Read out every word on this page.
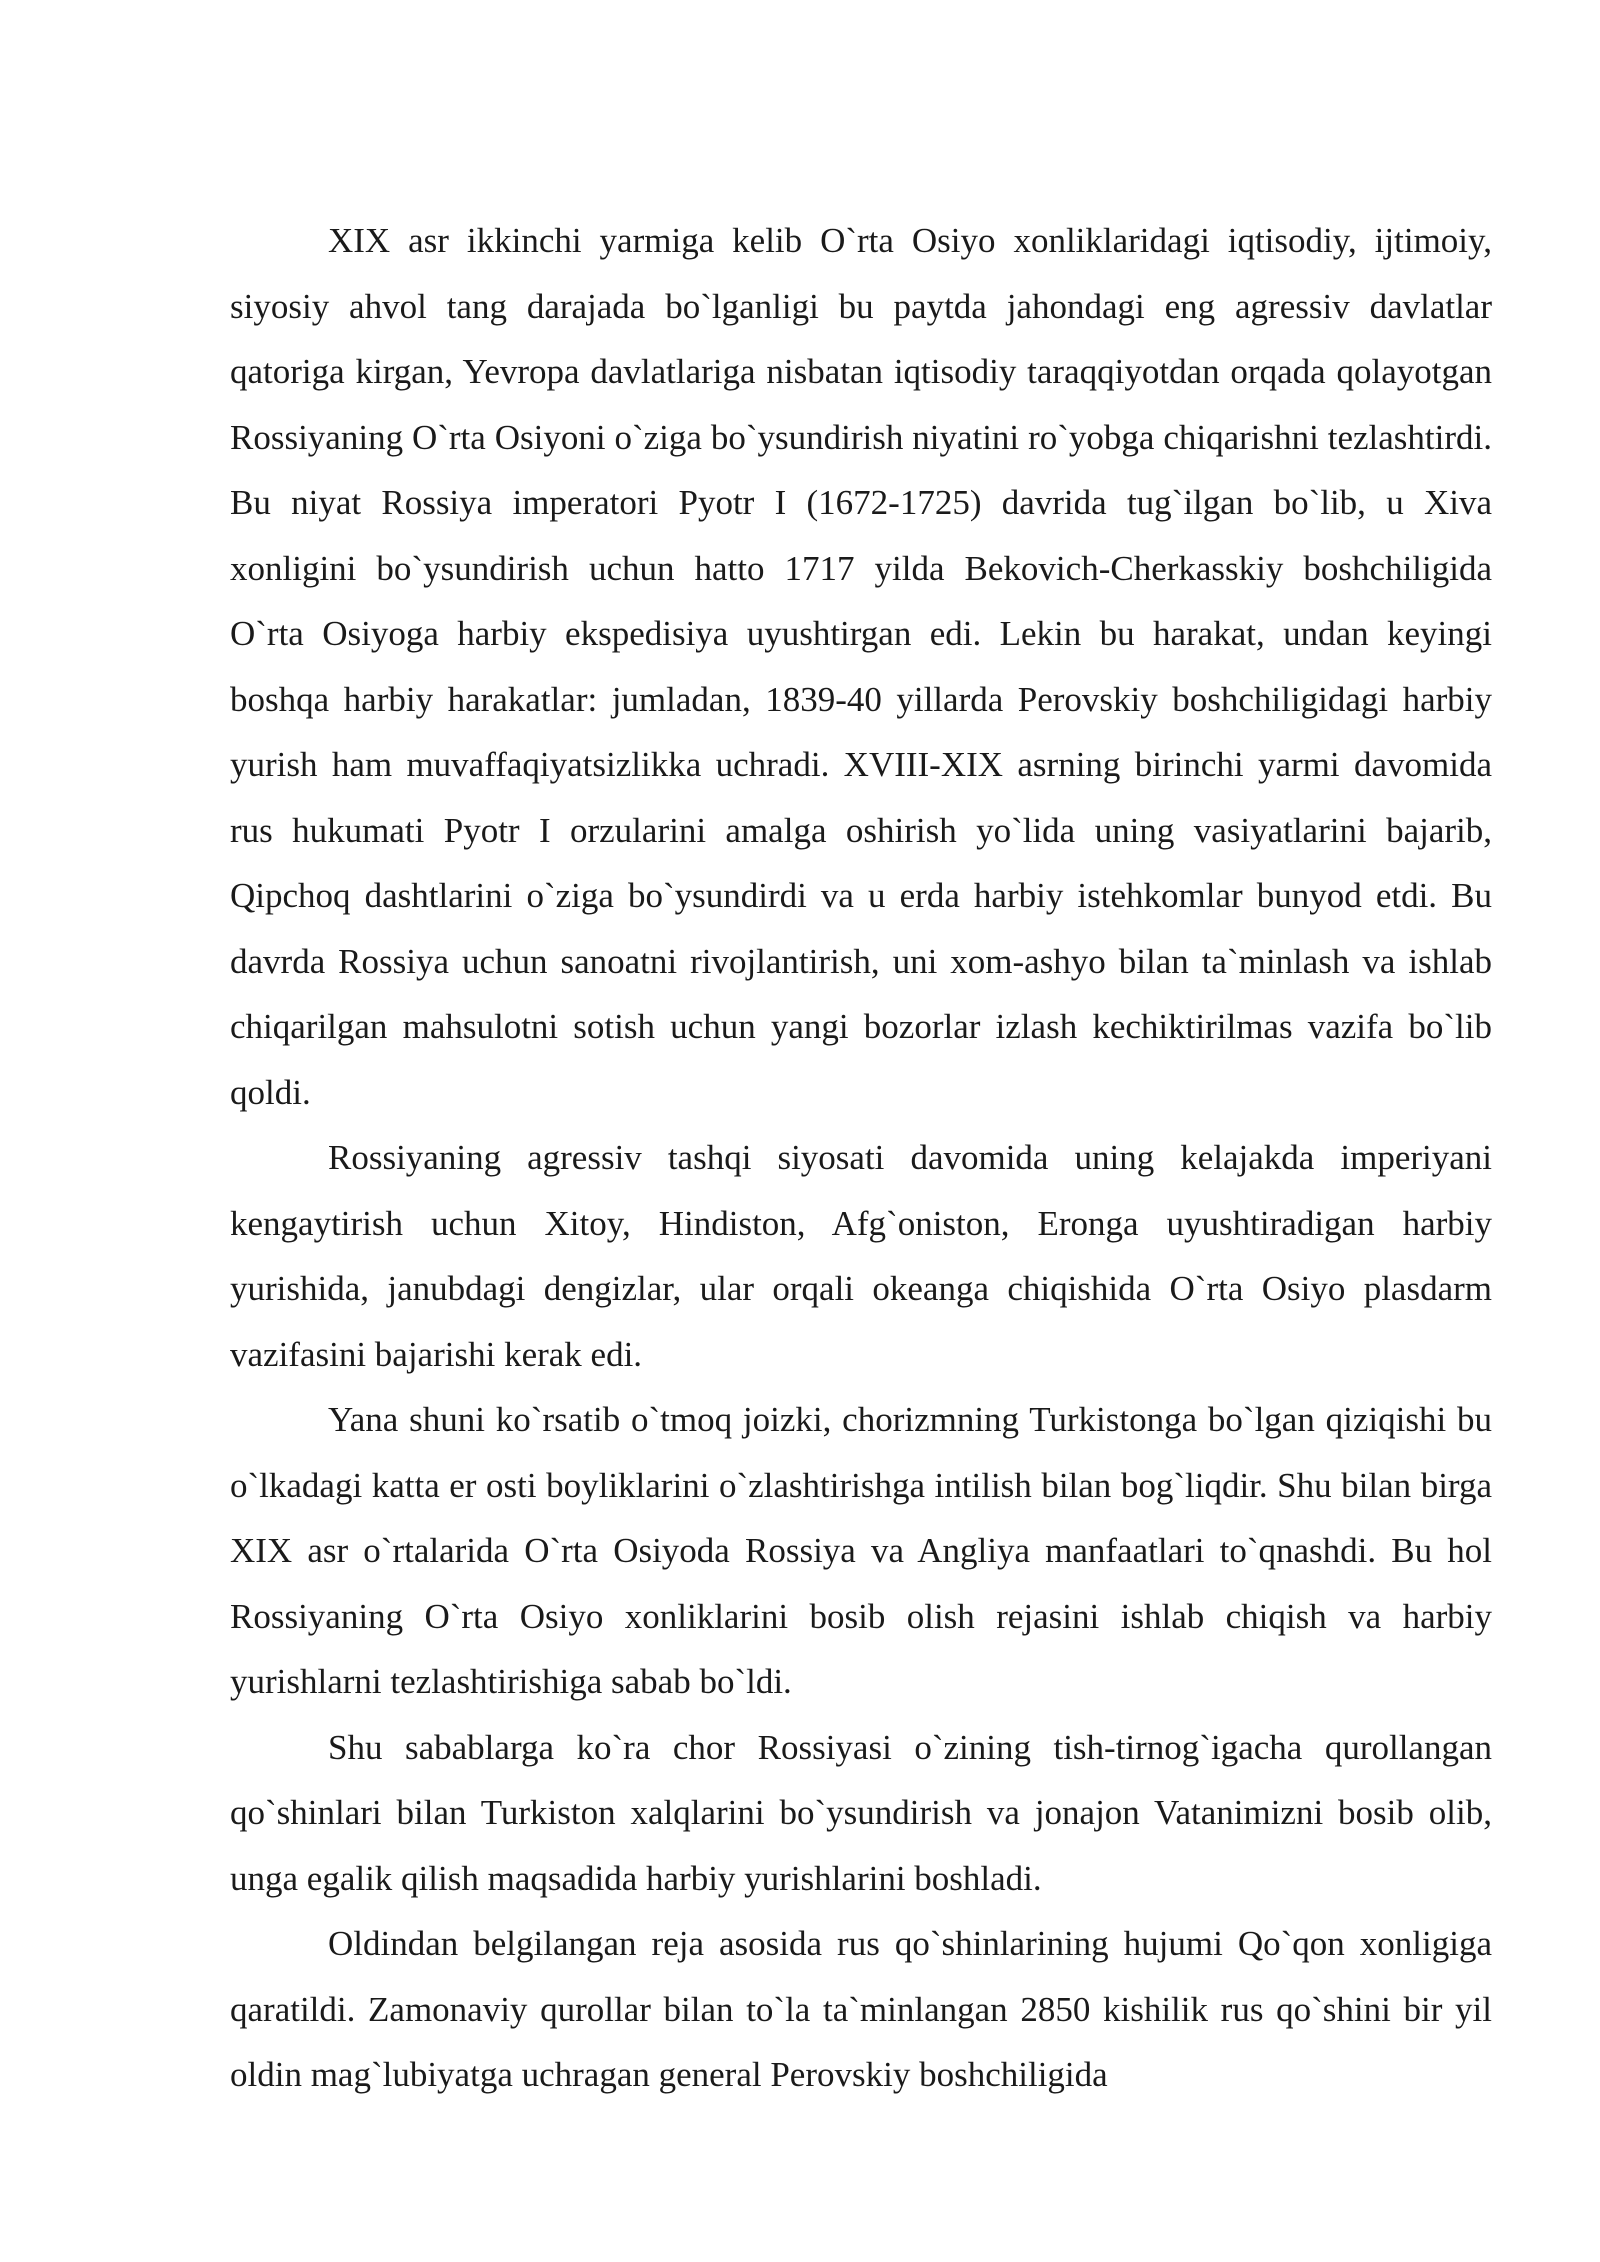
XIX asr ikkinchi yarmiga kelib O`rta Osiyo xonliklaridagi iqtisodiy, ijtimoiy, siyosiy ahvol tang darajada bo`lganligi bu paytda jahondagi eng agressiv davlatlar qatoriga kirgan, Yevropa davlatlariga nisbatan iqtisodiy taraqqiyotdan orqada qolayotgan Rossiyaning O`rta Osiyoni o`ziga bo`ysundirish niyatini ro`yobga chiqarishni tezlashtirdi. Bu niyat Rossiya imperatori Pyotr I (1672-1725) davrida tug`ilgan bo`lib, u Xiva xonligini bo`ysundirish uchun hatto 1717 yilda Bekovich-Cherkasskiy boshchiligida O`rta Osiyoga harbiy ekspedisiya uyushtirgan edi. Lekin bu harakat, undan keyingi boshqa harbiy harakatlar: jumladan, 1839-40 yillarda Perovskiy boshchiligidagi harbiy yurish ham muvaffaqiyatsizlikka uchradi. XVIII-XIX asrning birinchi yarmi davomida rus hukumati Pyotr I orzularini amalga oshirish yo`lida uning vasiyatlarini bajarib, Qipchoq dashtlarini o`ziga bo`ysundirdi va u erda harbiy istehkomlar bunyod etdi. Bu davrda Rossiya uchun sanoatni rivojlantirish, uni xom-ashyo bilan ta`minlash va ishlab chiqarilgan mahsulotni sotish uchun yangi bozorlar izlash kechiktirilmas vazifa bo`lib qoldi.

Rossiyaning agressiv tashqi siyosati davomida uning kelajakda imperiyani kengaytirish uchun Xitoy, Hindiston, Afg`oniston, Eronga uyushtiradigan harbiy yurishida, janubdagi dengizlar, ular orqali okeanga chiqishida O`rta Osiyo plasdarm vazifasini bajarishi kerak edi.

Yana shuni ko`rsatib o`tmoq joizki, chorizmning Turkistonga bo`lgan qiziqishi bu o`lkadagi katta er osti boyliklarini o`zlashtirishga intilish bilan bog`liqdir. Shu bilan birga XIX asr o`rtalarida O`rta Osiyoda Rossiya va Angliya manfaatlari to`qnashdi. Bu hol Rossiyaning O`rta Osiyo xonliklarini bosib olish rejasini ishlab chiqish va harbiy yurishlarni tezlashtirishiga sabab bo`ldi.

Shu sabablarga ko`ra chor Rossiyasi o`zining tish-tirnog`igacha qurollangan qo`shinlari bilan Turkiston xalqlarini bo`ysundirish va jonajon Vatanimizni bosib olib, unga egalik qilish maqsadida harbiy yurishlarini boshladi.

Oldindan belgilangan reja asosida rus qo`shinlarining hujumi Qo`qon xonligiga qaratildi. Zamonaviy qurollar bilan to`la ta`minlangan 2850 kishilik rus qo`shini bir yil oldin mag`lubiyatga uchragan general Perovskiy boshchiligida
